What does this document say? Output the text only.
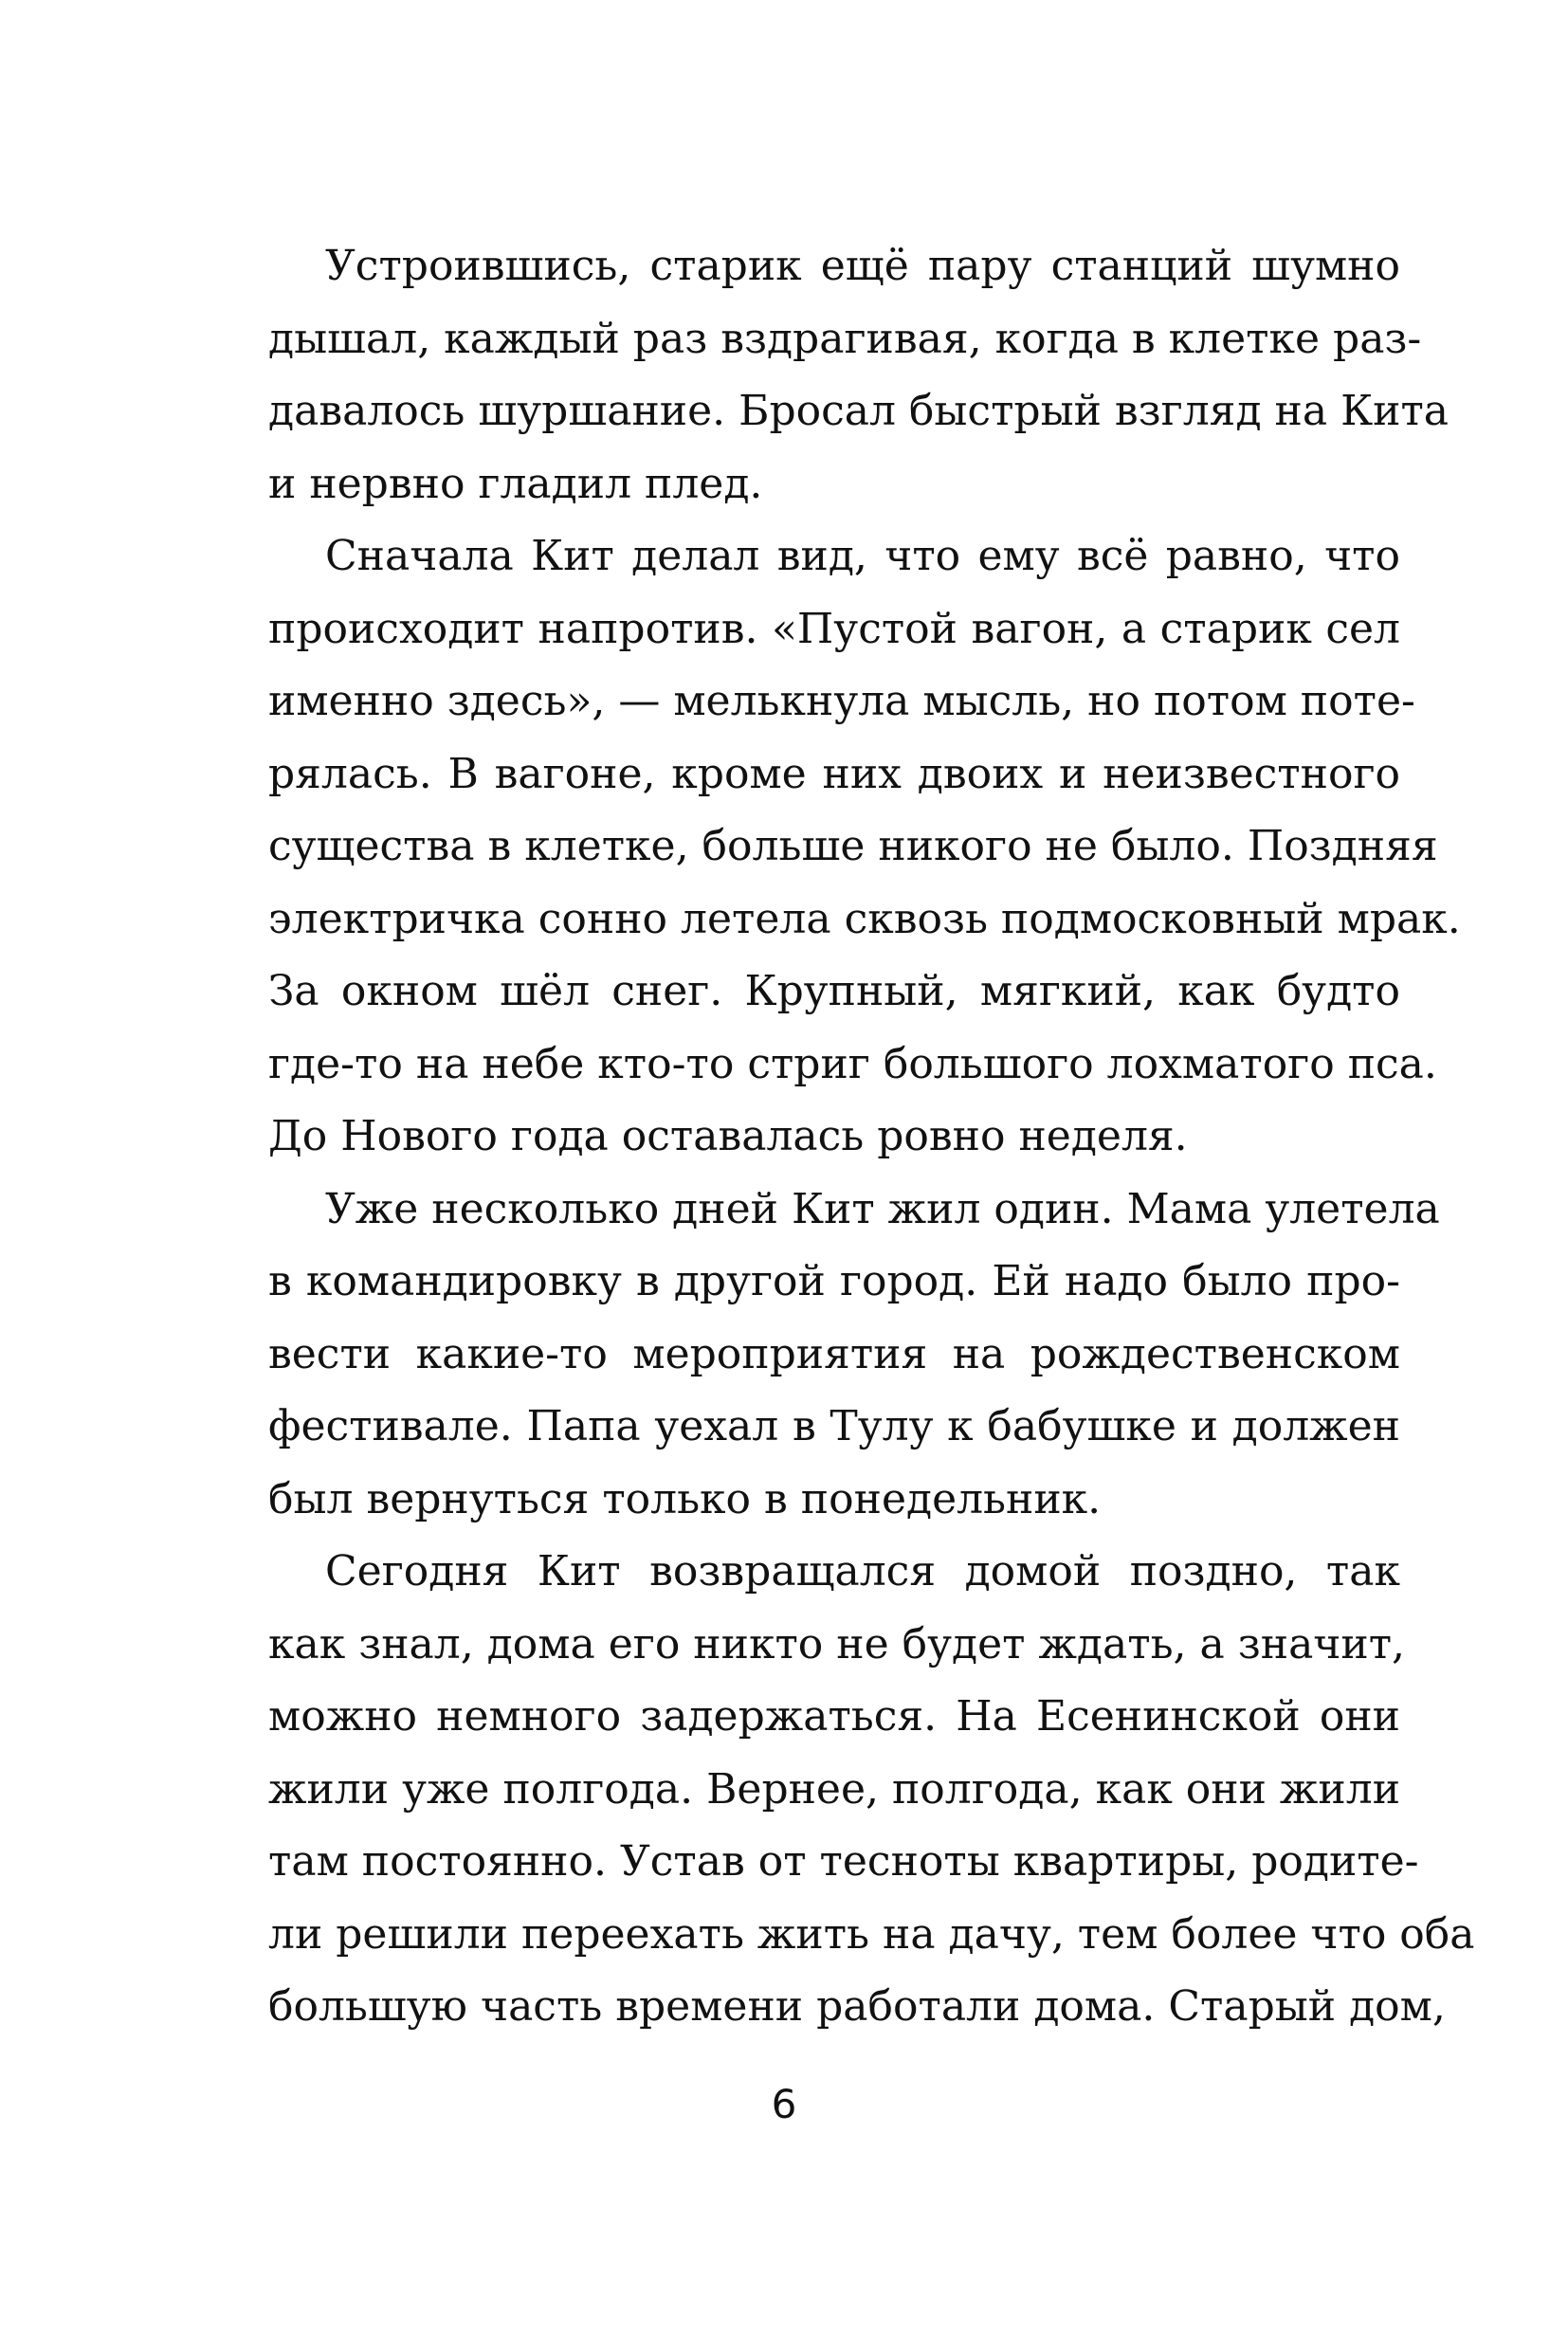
Устроившись, старик ещё пару станций шумно
дышал, каждый раз вздрагивая, когда в клетке раз-
давалось шуршание. Бросал быстрый взгляд на Кита
и нервно гладил плед.
Сначала Кит делал вид, что ему всё равно, что
происходит напротив. «Пустой вагон, а старик сел
именно здесь», — мелькнула мысль, но потом поте-
рялась. В вагоне, кроме них двоих и неизвестного
существа в клетке, больше никого не было. Поздняя
электричка сонно летела сквозь подмосковный мрак.
За окном шёл снег. Крупный, мягкий, как будто
где-то на небе кто-то стриг большого лохматого пса.
До Нового года оставалась ровно неделя.
Уже несколько дней Кит жил один. Мама улетела
в командировку в другой город. Ей надо было про-
вести какие-то мероприятия на рождественском
фестивале. Папа уехал в Тулу к бабушке и должен
был вернуться только в понедельник.
Сегодня Кит возвращался домой поздно, так
как знал, дома его никто не будет ждать, а значит,
можно немного задержаться. На Есенинской они
жили уже полгода. Вернее, полгода, как они жили
там постоянно. Устав от тесноты квартиры, родите-
ли решили переехать жить на дачу, тем более что оба
большую часть времени работали дома. Старый дом,
6
